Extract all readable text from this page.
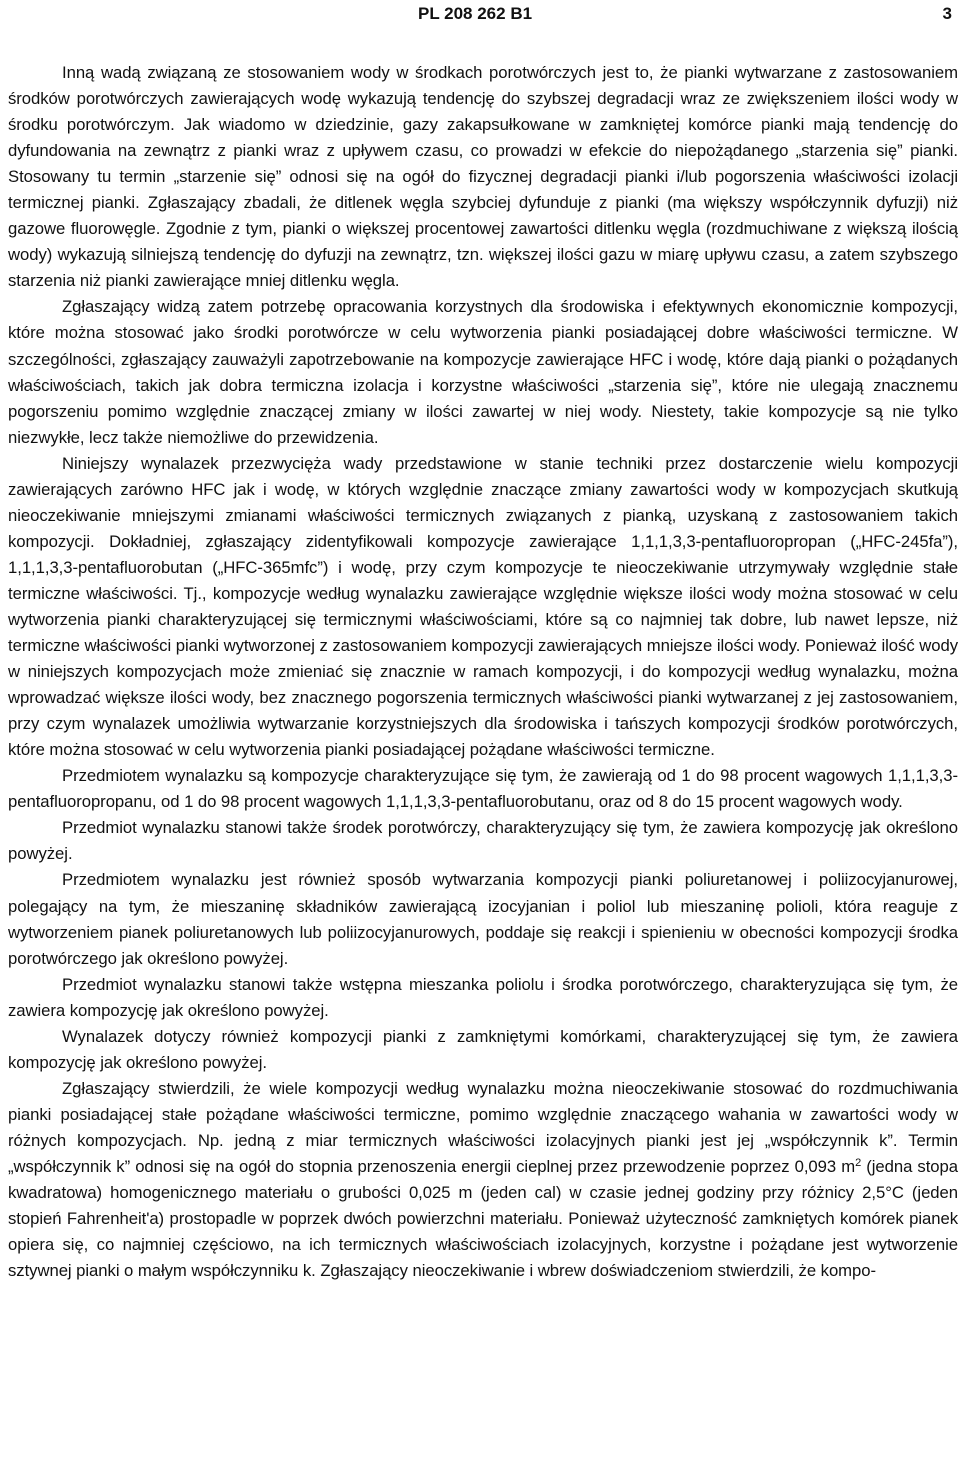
PL 208 262 B1	3

Inną wadą związaną ze stosowaniem wody w środkach porotwórczych jest to, że pianki wytwarzane z zastosowaniem środków porotwórczych zawierających wodę wykazują tendencję do szybszej degradacji wraz ze zwiększeniem ilości wody w środku porotwórczym. Jak wiadomo w dziedzinie, gazy zakapsułkowane w zamkniętej komórce pianki mają tendencję do dyfundowania na zewnątrz z pianki wraz z upływem czasu, co prowadzi w efekcie do niepożądanego „starzenia się” pianki. Stosowany tu termin „starzenie się” odnosi się na ogół do fizycznej degradacji pianki i/lub pogorszenia właściwości izolacji termicznej pianki. Zgłaszający zbadali, że ditlenek węgla szybciej dyfunduje z pianki (ma większy współczynnik dyfuzji) niż gazowe fluorowęgle. Zgodnie z tym, pianki o większej procentowej zawartości ditlenku węgla (rozdmuchiwane z większą ilością wody) wykazują silniejszą tendencję do dyfuzji na zewnątrz, tzn. większej ilości gazu w miarę upływu czasu, a zatem szybszego starzenia niż pianki zawierające mniej ditlenku węgla.

Zgłaszający widzą zatem potrzebę opracowania korzystnych dla środowiska i efektywnych ekonomicznie kompozycji, które można stosować jako środki porotwórcze w celu wytworzenia pianki posiadającej dobre właściwości termiczne. W szczególności, zgłaszający zauważyli zapotrzebowanie na kompozycje zawierające HFC i wodę, które dają pianki o pożądanych właściwościach, takich jak dobra termiczna izolacja i korzystne właściwości „starzenia się”, które nie ulegają znacznemu pogorszeniu pomimo względnie znaczącej zmiany w ilości zawartej w niej wody. Niestety, takie kompozycje są nie tylko niezwykłe, lecz także niemożliwe do przewidzenia.

Niniejszy wynalazek przezwycięża wady przedstawione w stanie techniki przez dostarczenie wielu kompozycji zawierających zarówno HFC jak i wodę, w których względnie znaczące zmiany zawartości wody w kompozycjach skutkują nieoczekiwanie mniejszymi zmianami właściwości termicznych związanych z pianką, uzyskaną z zastosowaniem takich kompozycji. Dokładniej, zgłaszający zidentyfikowali kompozycje zawierające 1,1,1,3,3-pentafluoropropan („HFC-245fa”), 1,1,1,3,3-pentafluorobutan („HFC-365mfc”) i wodę, przy czym kompozycje te nieoczekiwanie utrzymywały względnie stałe termiczne właściwości. Tj., kompozycje według wynalazku zawierające względnie większe ilości wody można stosować w celu wytworzenia pianki charakteryzującej się termicznymi właściwościami, które są co najmniej tak dobre, lub nawet lepsze, niż termiczne właściwości pianki wytworzonej z zastosowaniem kompozycji zawierających mniejsze ilości wody. Ponieważ ilość wody w niniejszych kompozycjach może zmieniać się znacznie w ramach kompozycji, i do kompozycji według wynalazku, można wprowadzać większe ilości wody, bez znacznego pogorszenia termicznych właściwości pianki wytwarzanej z jej zastosowaniem, przy czym wynalazek umożliwia wytwarzanie korzystniejszych dla środowiska i tańszych kompozycji środków porotwórczych, które można stosować w celu wytworzenia pianki posiadającej pożądane właściwości termiczne.

Przedmiotem wynalazku są kompozycje charakteryzujące się tym, że zawierają od 1 do 98 procent wagowych 1,1,1,3,3-pentafluoropropanu, od 1 do 98 procent wagowych 1,1,1,3,3-pentafluorobutanu, oraz od 8 do 15 procent wagowych wody.

Przedmiot wynalazku stanowi także środek porotwórczy, charakteryzujący się tym, że zawiera kompozycję jak określono powyżej.

Przedmiotem wynalazku jest również sposób wytwarzania kompozycji pianki poliuretanowej i poliizocyjanurowej, polegający na tym, że mieszaninę składników zawierającą izocyjanian i poliol lub mieszaninę polioli, która reaguje z wytworzeniem pianek poliuretanowych lub poliizocyjanurowych, poddaje się reakcji i spienieniu w obecności kompozycji środka porotwórczego jak określono powyżej.

Przedmiot wynalazku stanowi także wstępna mieszanka poliolu i środka porotwórczego, charakteryzująca się tym, że zawiera kompozycję jak określono powyżej.

Wynalazek dotyczy również kompozycji pianki z zamkniętymi komórkami, charakteryzującej się tym, że zawiera kompozycję jak określono powyżej.

Zgłaszający stwierdzili, że wiele kompozycji według wynalazku można nieoczekiwanie stosować do rozdmuchiwania pianki posiadającej stałe pożądane właściwości termiczne, pomimo względnie znaczącego wahania w zawartości wody w różnych kompozycjach. Np. jedną z miar termicznych właściwości izolacyjnych pianki jest jej „współczynnik k”. Termin „współczynnik k” odnosi się na ogół do stopnia przenoszenia energii cieplnej przez przewodzenie poprzez 0,093 $m^2$ (jedna stopa kwadratowa) homogenicznego materiału o grubości 0,025 m (jeden cal) w czasie jednej godziny przy różnicy 2,5°C (jeden stopień Fahrenheit'a) prostopadle w poprzek dwóch powierzchni materiału. Ponieważ użyteczność zamkniętych komórek pianek opiera się, co najmniej częściowo, na ich termicznych właściwościach izolacyjnych, korzystne i pożądane jest wytworzenie sztywnej pianki o małym współczynniku k. Zgłaszający nieoczekiwanie i wbrew doświadczeniom stwierdzili, że kompo-
